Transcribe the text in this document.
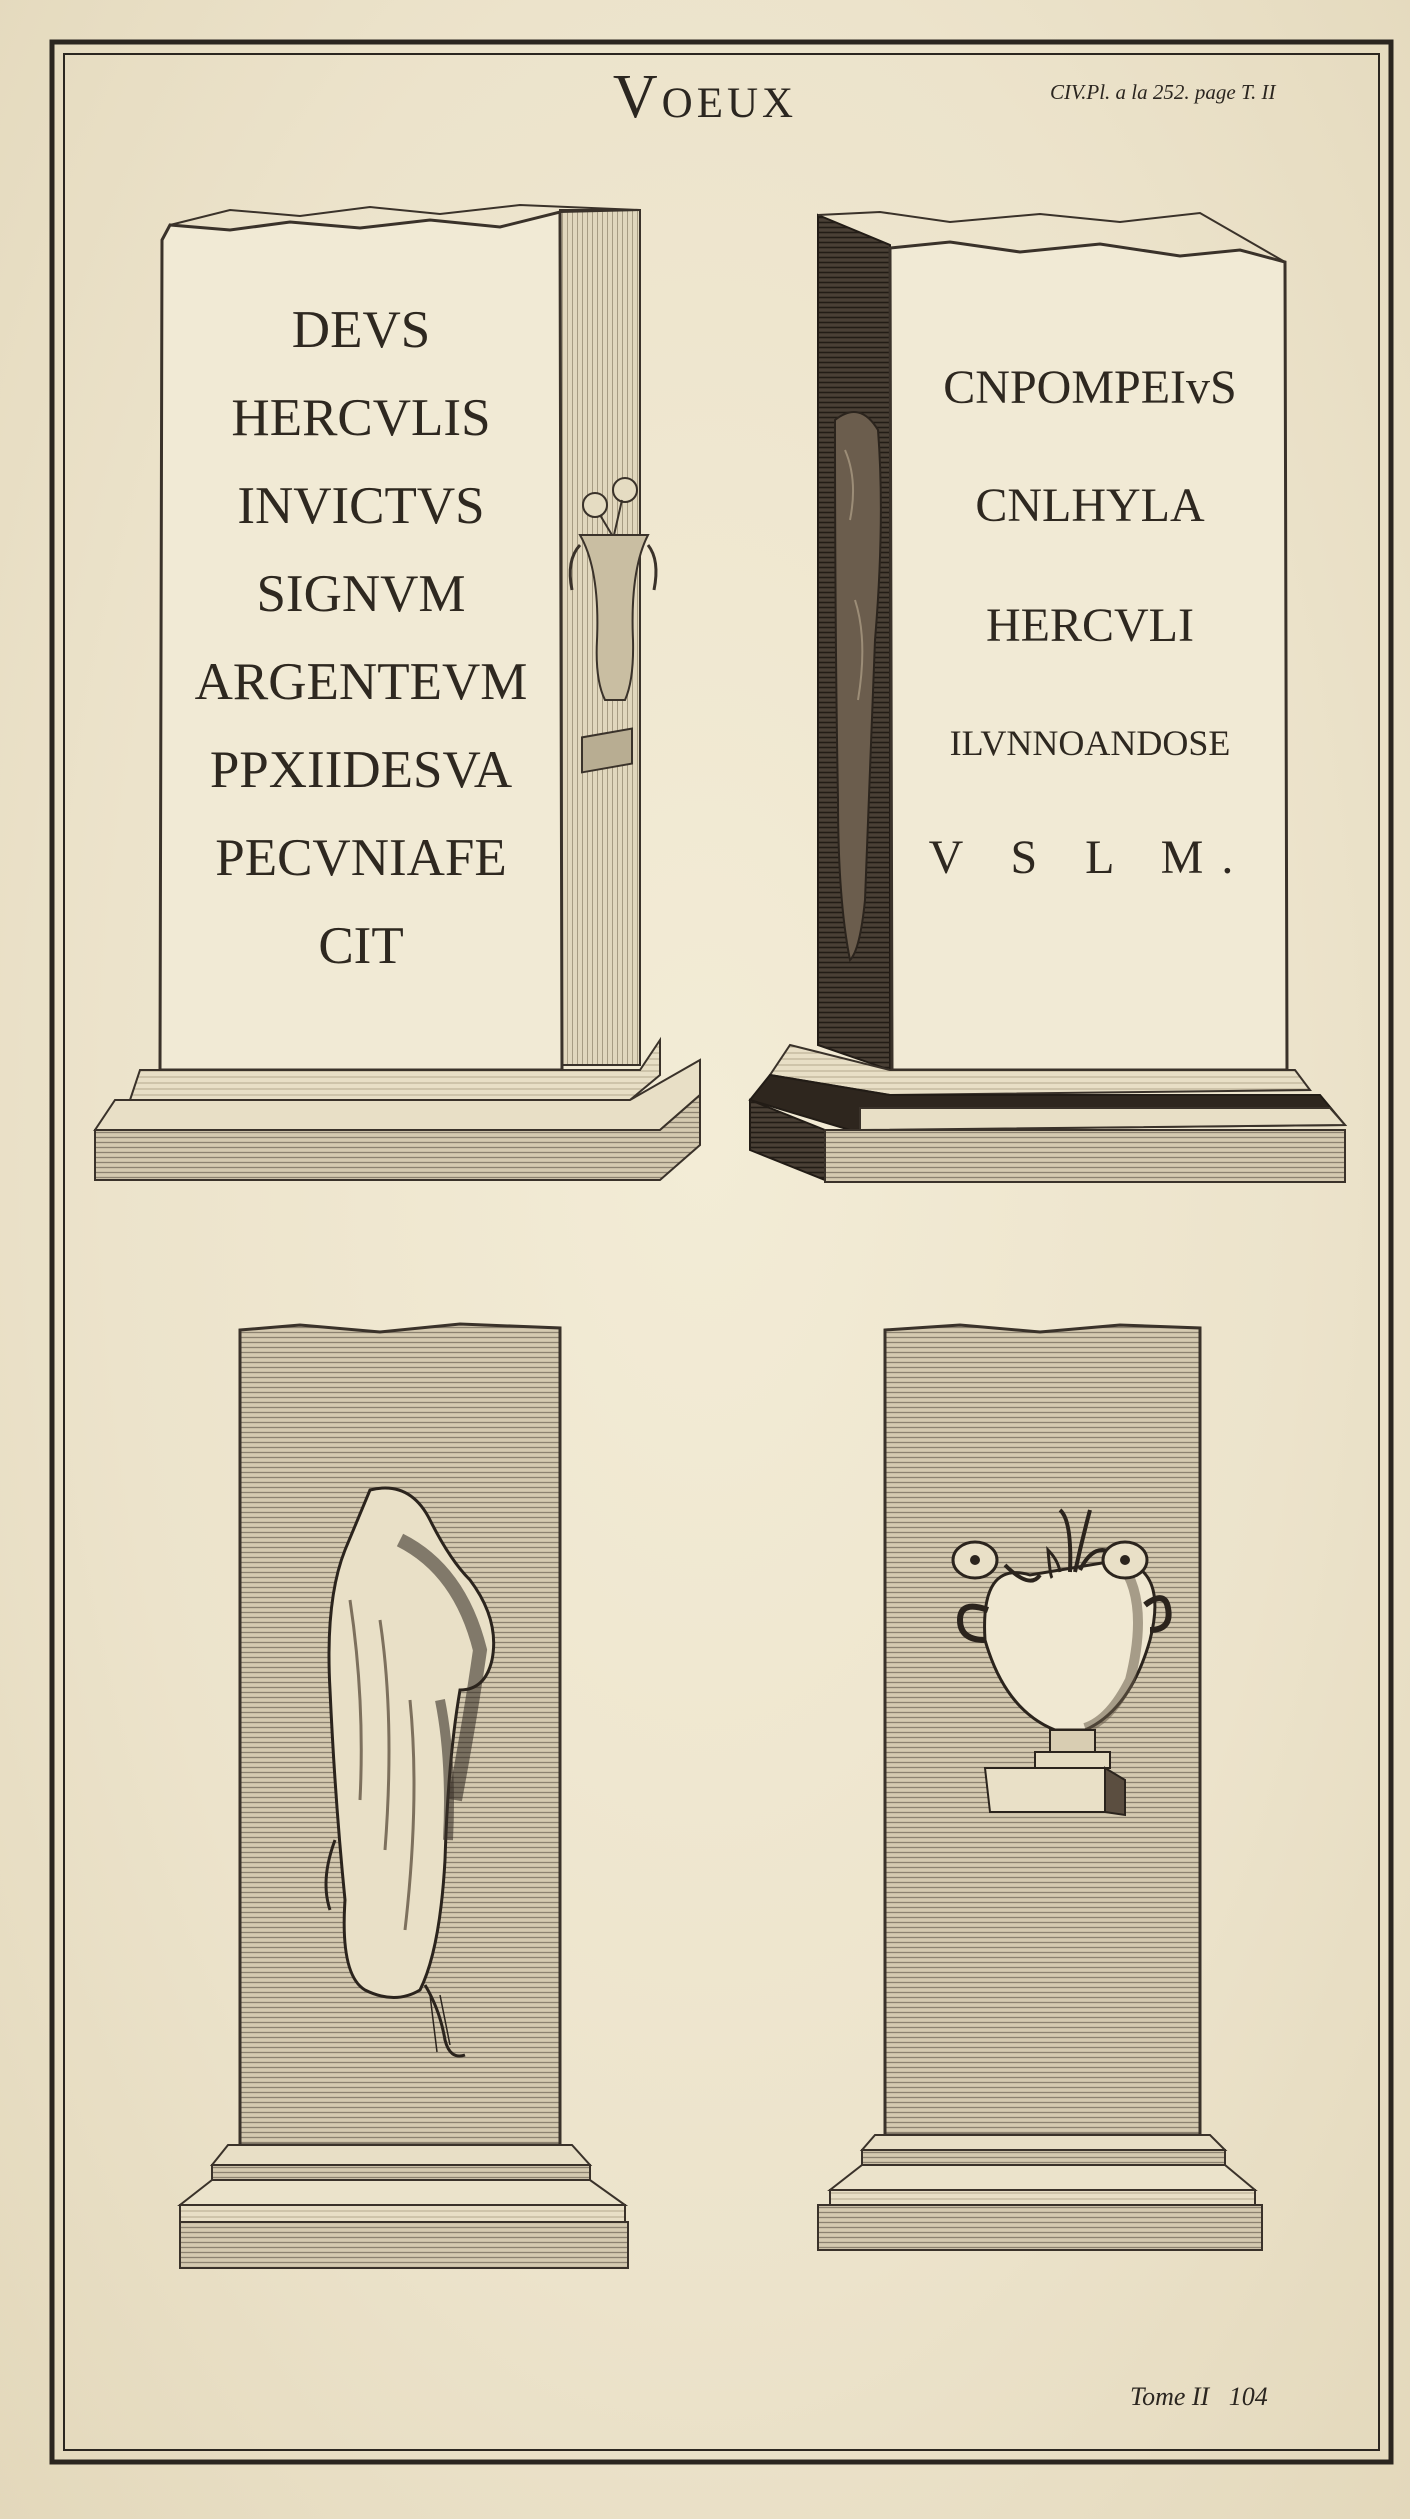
Voeux	CIV.Pl. a la 252. page T. II
Tome II 104
DEVS
HERCVLIS
INVICTVS
SIGNVM
ARGENTEVM
PPXIIDESVA
PECVNIAFE
CIT
CNPOMPEIvS
CNLHYLA
HERCVLI
ILVNNOANDOSE
V S L M.
